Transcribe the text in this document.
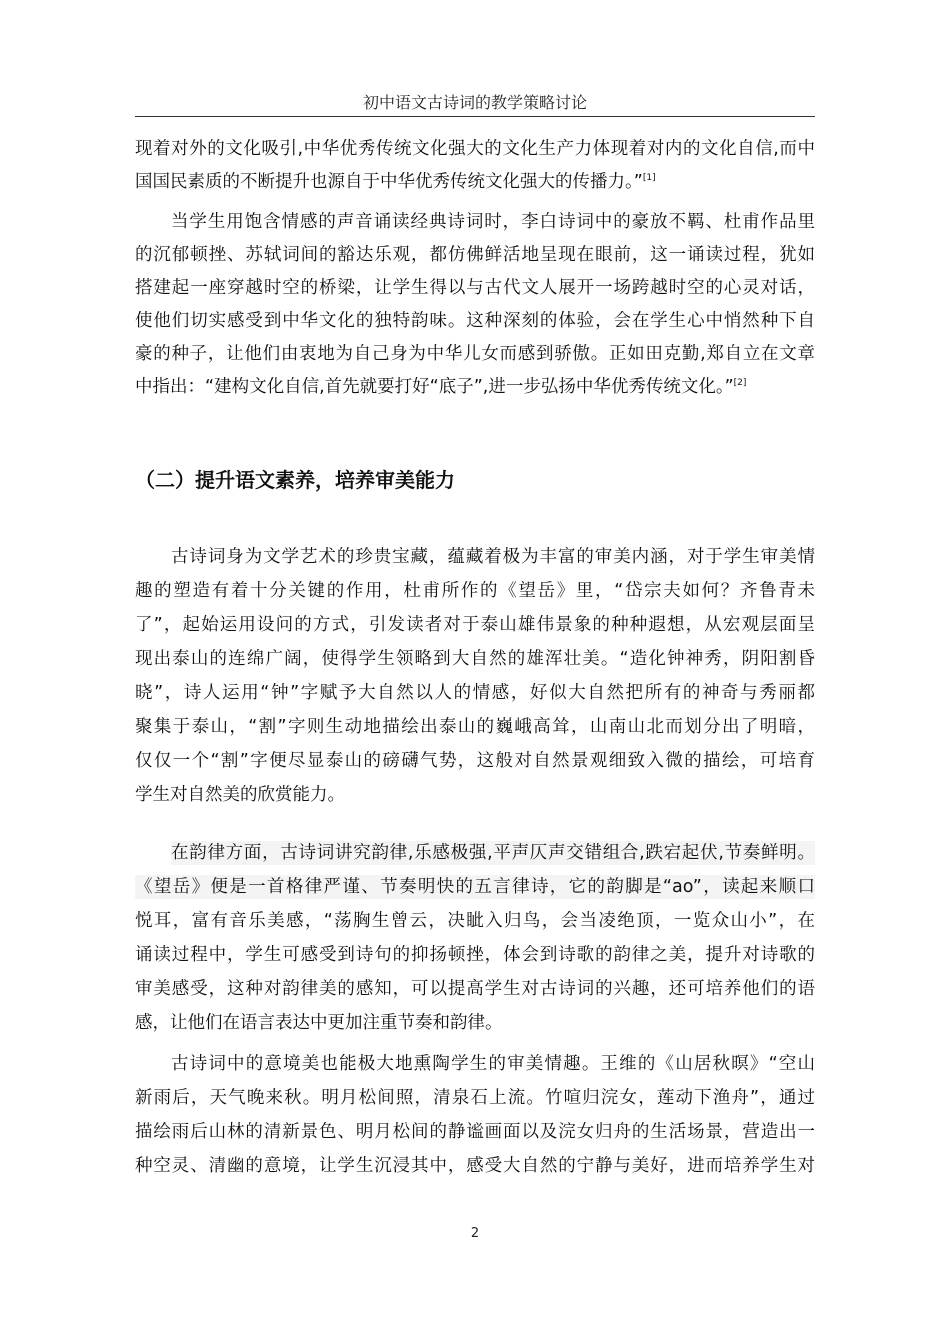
初中语文古诗词的教学策略讨论
现着对外的文化吸引,中华优秀传统文化强大的文化生产力体现着对内的文化自信,而中
国国民素质的不断提升也源自于中华优秀传统文化强大的传播力。”[1]
当学生用饱含情感的声音诵读经典诗词时，李白诗词中的豪放不羁、杜甫作品里
的沉郁顿挫、苏轼词间的豁达乐观，都仿佛鲜活地呈现在眼前，这一诵读过程，犹如
搭建起一座穿越时空的桥梁，让学生得以与古代文人展开一场跨越时空的心灵对话，
使他们切实感受到中华文化的独特韵味。这种深刻的体验，会在学生心中悄然种下自
豪的种子，让他们由衷地为自己身为中华儿女而感到骄傲。正如田克勤,郑自立在文章
中指出：“建构文化自信,首先就要打好“底子”,进一步弘扬中华优秀传统文化。”[2]
（二）提升语文素养，培养审美能力
古诗词身为文学艺术的珍贵宝藏，蕴藏着极为丰富的审美内涵，对于学生审美情
趣的塑造有着十分关键的作用，杜甫所作的《望岳》里，“岱宗夫如何？齐鲁青未
了”，起始运用设问的方式，引发读者对于泰山雄伟景象的种种遐想，从宏观层面呈
现出泰山的连绵广阔，使得学生领略到大自然的雄浑壮美。“造化钟神秀，阴阳割昏
晓”，诗人运用“钟”字赋予大自然以人的情感，好似大自然把所有的神奇与秀丽都
聚集于泰山，“割”字则生动地描绘出泰山的巍峨高耸，山南山北而划分出了明暗，
仅仅一个“割”字便尽显泰山的磅礴气势，这般对自然景观细致入微的描绘，可培育
学生对自然美的欣赏能力。
在韵律方面，古诗词讲究韵律,乐感极强,平声仄声交错组合,跌宕起伏,节奏鲜明。
《望岳》便是一首格律严谨、节奏明快的五言律诗，它的韵脚是“ao”，读起来顺口
悦耳，富有音乐美感，“荡胸生曾云，决眦入归鸟，会当凌绝顶，一览众山小”，在
诵读过程中，学生可感受到诗句的抑扬顿挫，体会到诗歌的韵律之美，提升对诗歌的
审美感受，这种对韵律美的感知，可以提高学生对古诗词的兴趣，还可培养他们的语
感，让他们在语言表达中更加注重节奏和韵律。
古诗词中的意境美也能极大地熏陶学生的审美情趣。王维的《山居秋暝》“空山
新雨后，天气晚来秋。明月松间照，清泉石上流。竹喧归浣女，莲动下渔舟”，通过
描绘雨后山林的清新景色、明月松间的静谧画面以及浣女归舟的生活场景，营造出一
种空灵、清幽的意境，让学生沉浸其中，感受大自然的宁静与美好，进而培养学生对
2
